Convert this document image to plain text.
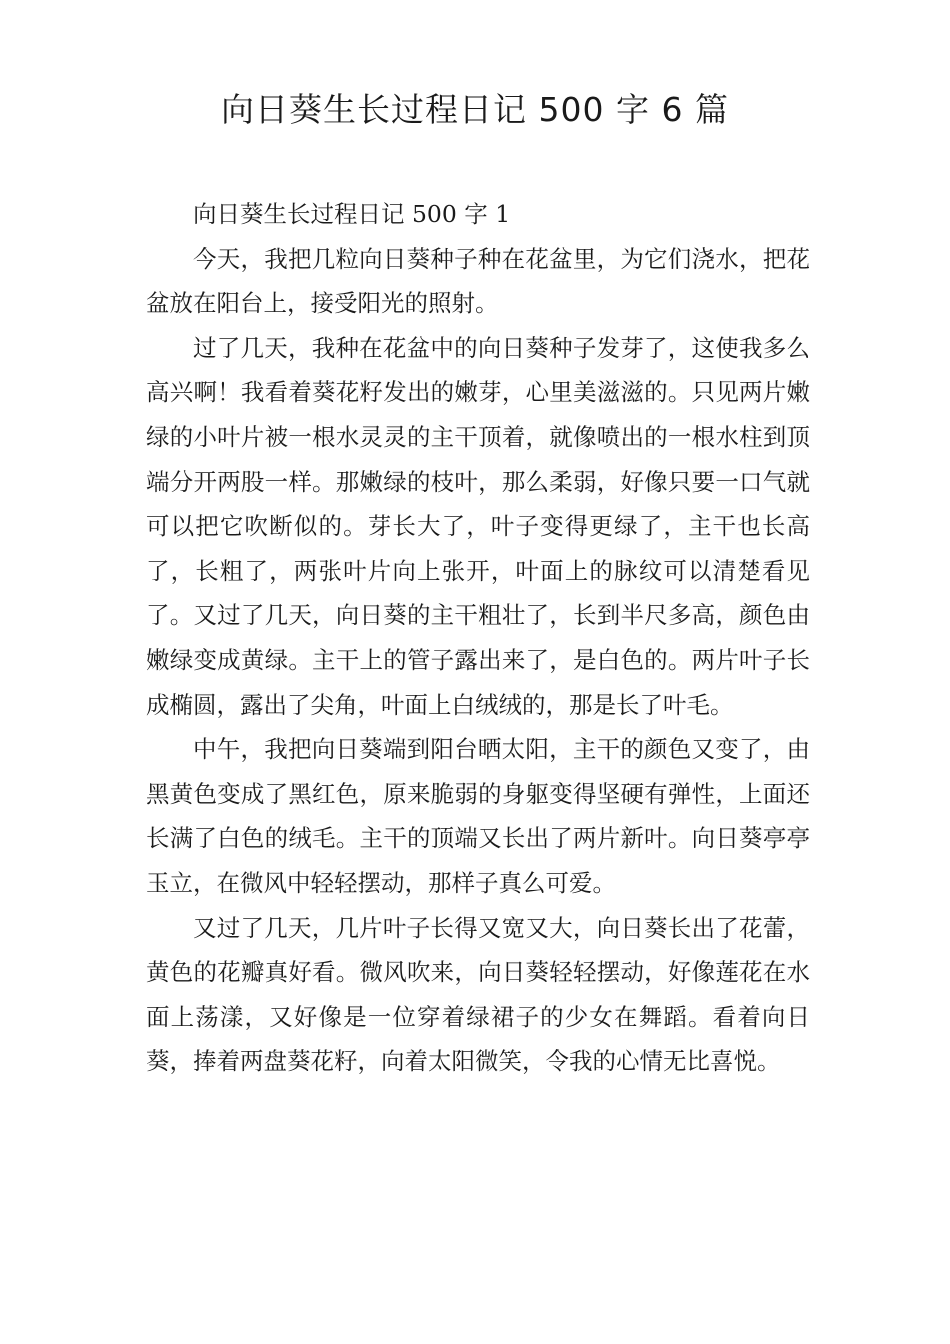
向日葵生长过程日记 500 字 6 篇

向日葵生长过程日记 500 字 1

今天，我把几粒向日葵种子种在花盆里，为它们浇水，把花盆放在阳台上，接受阳光的照射。

过了几天，我种在花盆中的向日葵种子发芽了，这使我多么高兴啊！我看着葵花籽发出的嫩芽，心里美滋滋的。只见两片嫩绿的小叶片被一根水灵灵的主干顶着，就像喷出的一根水柱到顶端分开两股一样。那嫩绿的枝叶，那么柔弱，好像只要一口气就可以把它吹断似的。芽长大了，叶子变得更绿了，主干也长高了，长粗了，两张叶片向上张开，叶面上的脉纹可以清楚看见了。又过了几天，向日葵的主干粗壮了，长到半尺多高，颜色由嫩绿变成黄绿。主干上的管子露出来了，是白色的。两片叶子长成椭圆，露出了尖角，叶面上白绒绒的，那是长了叶毛。

中午，我把向日葵端到阳台晒太阳，主干的颜色又变了，由黑黄色变成了黑红色，原来脆弱的身躯变得坚硬有弹性，上面还长满了白色的绒毛。主干的顶端又长出了两片新叶。向日葵亭亭玉立，在微风中轻轻摆动，那样子真么可爱。

又过了几天，几片叶子长得又宽又大，向日葵长出了花蕾，黄色的花瓣真好看。微风吹来，向日葵轻轻摆动，好像莲花在水面上荡漾，又好像是一位穿着绿裙子的少女在舞蹈。看着向日葵，捧着两盘葵花籽，向着太阳微笑，令我的心情无比喜悦。
